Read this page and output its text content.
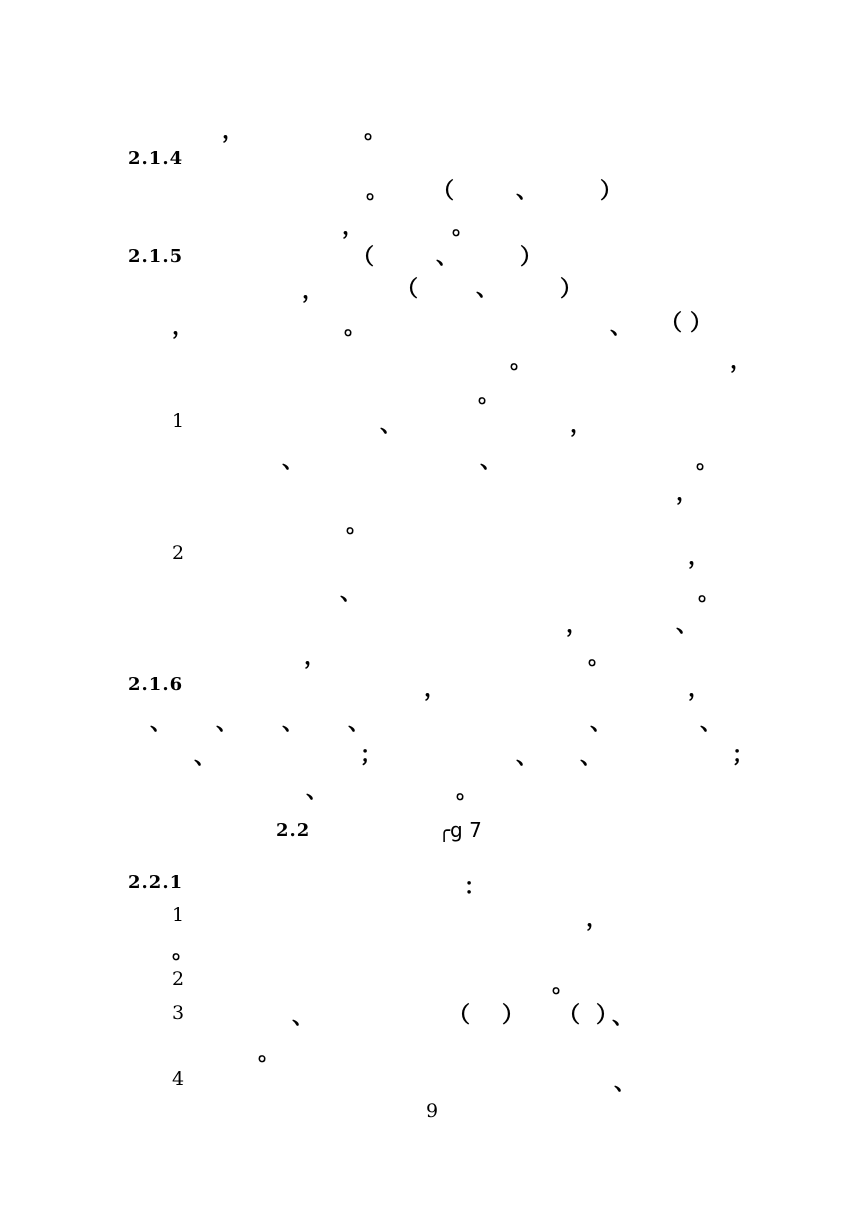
，	。
2.1.4
。 （	、	）
，	。
2.1.5	（	、	）
，	（	、	）
，	。	、 （ ）
。	，
。
1	、	，
、	、	。
，
。
2	，
、	。
，	、
，	。
2.1.6	，	，
、 、 、 、	、	、
、	；	、 、	；
、	。
2.2	╭g 7
2.2.1	：
1	，
。
2	。
3	、	（ ） （ ）
、
。
4	、
9
